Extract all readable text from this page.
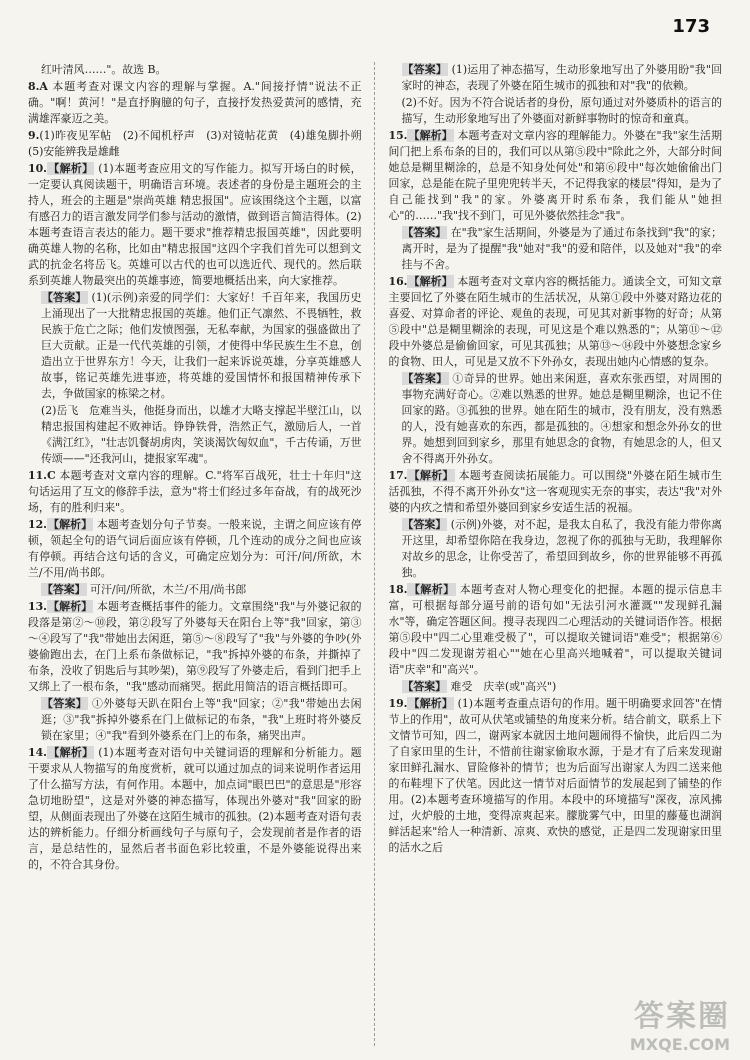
173
红叶清风……"。故选 B。
8.A 本题考查对课文内容的理解与掌握。A."间接抒情"说法不正确。"啊！黄河！"是直抒胸臆的句子，直接抒发热爱黄河的感情，充满雄浑豪迈之美。
9.(1)昨夜见军帖　(2)不闻机杼声　(3)对镜帖花黄　(4)雄兔脚扑朔　(5)安能辨我是雄雌
10.【解析】 (1)本题考查应用文的写作能力。拟写开场白的时候，一定要认真阅读题干，明确语言环境。表述者的身份是主题班会的主持人，班会的主题是"崇尚英雄 精忠报国"。应该围绕这个主题，以富有感召力的语言激发同学们参与活动的激情，做到语言简洁得体。(2)本题考查语言表达的能力。题干要求"推荐精忠报国英雄"，因此要明确英雄人物的名称，比如由"精忠报国"这四个字我们首先可以想到文武的抗金名将岳飞。英雄可以古代的也可以选近代、现代的。然后联系到英雄人物最突出的英雄事迹，简要地概括出来，向大家推荐。
【答案】 (1)(示例)亲爱的同学们：大家好！千百年来，我国历史上涌现出了一大批精忠报国的英雄。他们正气凛然、不畏牺牲，救民族于危亡之际；他们发愤图强，无私奉献，为国家的强盛做出了巨大贡献。正是一代代英雄的引领，才使得中华民族生生不息，创造出立于世界东方！今天，让我们一起来诉说英雄，分享英雄感人故事，铭记英雄先进事迹，将英雄的爱国情怀和报国精神传承下去，争做国家的栋梁之材。
(2)岳飞　危难当头，他挺身而出，以雄才大略支撑起半壁江山，以精忠报国构建起不败神话。铮铮铁骨，浩然正气，激励后人，一首《满江红》，"壮志饥餐胡虏肉，笑谈渴饮匈奴血"，千古传诵，万世传颂——"还我河山，捷报家军魂"。
11.C 本题考查对文章内容的理解。C."将军百战死，壮士十年归"这句话运用了互文的修辞手法，意为"将士们经过多年奋战，有的战死沙场，有的胜利归来"。
12.【解析】 本题考查划分句子节奏。一般来说，主谓之间应该有停顿，领起全句的语气词后面应该有停顿，几个连动的成分之间也应该有停顿。再结合这句话的含义，可确定应划分为：可汗/问/所欲，木兰/不用/尚书郎。
【答案】 可汗/问/所欲，木兰/不用/尚书郎
13.【解析】 本题考查概括事件的能力。文章围绕"我"与外婆记叙的段落是第②～⑩段，第②段写了外婆每天在阳台上等"我"回家，第③～④段写了"我"带她出去闲逛，第⑤～⑧段写了"我"与外婆的争吵(外婆偷跑出去，在门上系布条做标记，"我"拆掉外婆的布条，并撕掉了布条，没收了钥匙后与其吵架)，第⑨段写了外婆走后，看到门把手上又绑上了一根布条，"我"感动而痛哭。据此用简洁的语言概括即可。
【答案】 ①外婆每天趴在阳台上等"我"回家；②"我"带她出去闲逛；③"我"拆掉外婆系在门上做标记的布条，"我"上班时将外婆反锁在家里；④"我"看到外婆系在门上的布条，痛哭出声。
14.【解析】 (1)本题考查对语句中关键词语的理解和分析能力。题干要求从人物描写的角度赏析，就可以通过加点的词来说明作者运用了什么描写方法，有何作用。本题中，加点词"眼巴巴"的意思是"形容急切地盼望"，这是对外婆的神态描写，体现出外婆对"我"回家的盼望，从侧面表现出了外婆在这陌生城市的孤独。(2)本题考查对语句表达的辨析能力。仔细分析画线句子与原句子，会发现前者是作者的语言，是总结性的，显然后者书面色彩比较重，不是外婆能说得出来的，不符合其身份。
【答案】 (1)运用了神态描写，生动形象地写出了外婆用盼"我"回家时的神态，表现了外婆在陌生城市的孤独和对"我"的依赖。
(2)不好。因为不符合说话者的身份，原句通过对外婆质朴的语言的描写，生动形象地写出了外婆面对新鲜事物时的惊奇和童真。
15.【解析】 本题考查对文章内容的理解能力。外婆在"我"家生活期间门把上系布条的目的，我们可以从第⑤段中"除此之外，大部分时间她总是糊里糊涂的，总是不知身处何处"和第⑥段中"每次她偷偷出门回家，总是能在院子里兜兜转半天，不记得我家的楼层"得知，是为了自己能找到"我"的家。外婆离开时系布条，我们能从"她担心"的……"我"找不到门，可见外婆依然挂念"我"。
【答案】 在"我"家生活期间，外婆是为了通过布条找到"我"的家；离开时，是为了提醒"我"她对"我"的爱和陪伴，以及她对"我"的牵挂与不舍。
16.【解析】 本题考查对文章内容的概括能力。通读全文，可知文章主要回忆了外婆在陌生城市的生活状况，从第①段中外婆对路边花的喜爱、对算命者的评论、观鱼的表现，可见其对新事物的好奇；从第⑤段中"总是糊里糊涂的表现，可见这是个难以熟悉的"；从第⑪～⑫段中外婆总是偷偷回家，可见其孤独；从第⑬～⑭段中外婆想念家乡的食物、田人，可见是又放不下外孙女，表现出她内心情感的复杂。
【答案】 ①奇异的世界。她出来闲逛，喜欢东张西望，对周围的事物充满好奇心。②难以熟悉的世界。她总是糊里糊涂，也记不住回家的路。③孤独的世界。她在陌生的城市，没有朋友，没有熟悉的人，没有她喜欢的东西，都是孤独的。④想家和想念外孙女的世界。她想到回到家乡，那里有她思念的食物，有她思念的人，但又舍不得离开外孙女。
17.【解析】 本题考查阅读拓展能力。可以围绕"外婆在陌生城市生活孤独，不得不离开外孙女"这一客观现实无奈的事实，表达"我"对外婆的内疚之情和希望外婆回到家乡安适生活的祝福。
【答案】 (示例)外婆，对不起，是我太自私了，我没有能力带你离开这里，却希望你陪在我身边，忽视了你的孤独与无助，我理解你对故乡的思念，让你受苦了，希望回到故乡，你的世界能够不再孤独。
18.【解析】 本题考查对人物心理变化的把握。本题的提示信息丰富，可根据每部分逼号前的语句如"无法引河水灌溉""发现鲜孔漏水"等，确定答题区间。搜寻表现四二心理活动的关键词语作答。根据第⑤段中"四二心里难受极了"，可以提取关键词语"难受"；根据第⑥段中"四二发现谢芳祖心""她在心里高兴地喊着"，可以提取关键词语"庆幸"和"高兴"。
【答案】 难受　庆幸(或"高兴")
19.【解析】 (1)本题考查重点语句的作用。题干明确要求回答"在情节上的作用"，故可从伏笔或铺垫的角度来分析。结合前文，联系上下文情节可知，四二，谢两家本就因土地问题闹得不愉快，此后四二为了自家田里的生计，不惜前往谢家偷取水源，于是才有了后来发现谢家田鲜孔漏水、冒险修补的情节；也为后面写出谢家人为四二送来他的布鞋埋下了伏笔。因此这一情节对后面情节的发展起到了铺垫的作用。(2)本题考查环境描写的作用。本段中的环境描写"深夜，凉风拂过，火炉般的土地，变得凉爽起来。朦胧雾气中，田里的藤蔓也湖润鲜活起来"给人一种清新、凉爽、欢快的感觉，正是四二发现谢家田里的活水之后
答案圈
MXQE.COM
